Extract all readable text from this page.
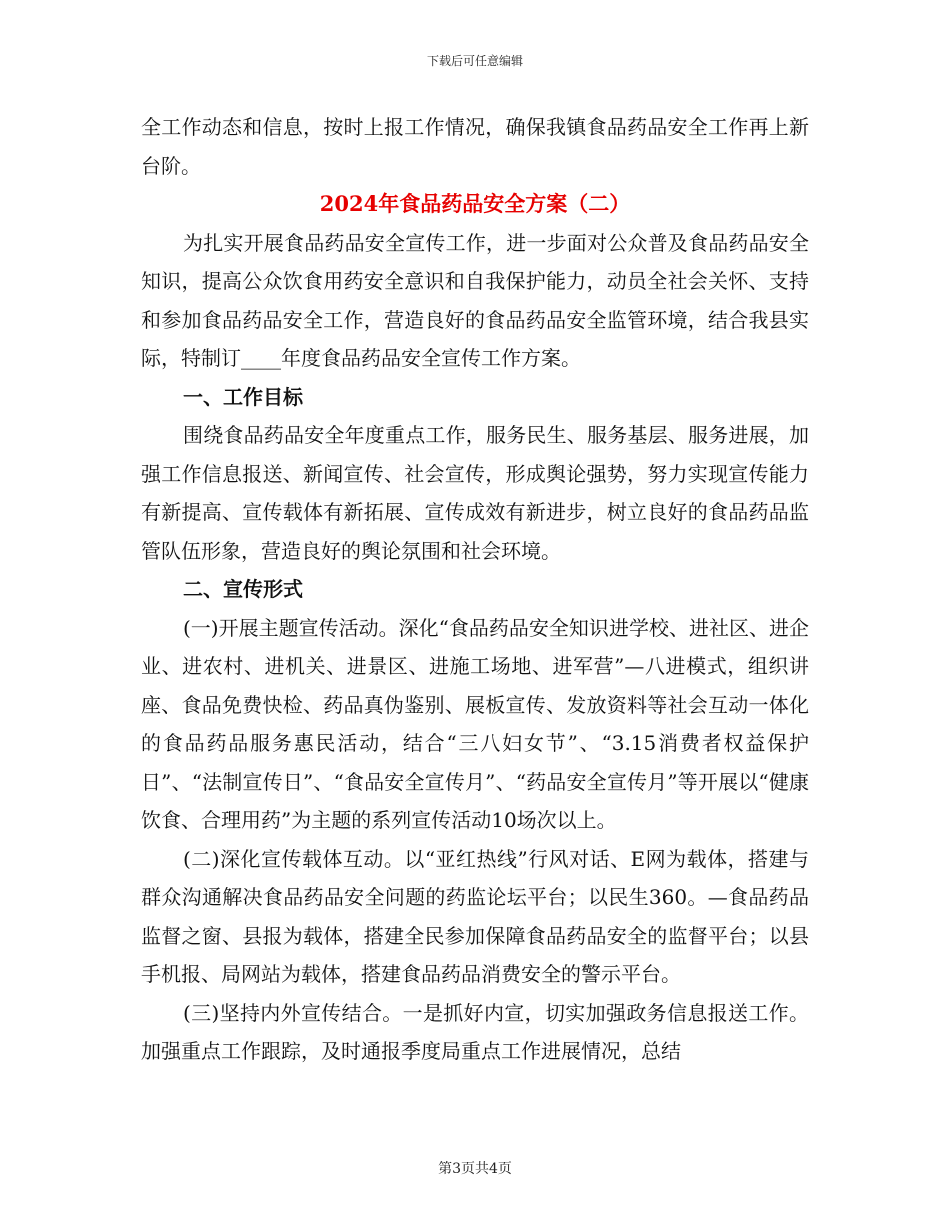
下载后可任意编辑

全工作动态和信息，按时上报工作情况，确保我镇食品药品安全工作再上新台阶。

2024年食品药品安全方案（二）

为扎实开展食品药品安全宣传工作，进一步面对公众普及食品药品安全知识，提高公众饮食用药安全意识和自我保护能力，动员全社会关怀、支持和参加食品药品安全工作，营造良好的食品药品安全监管环境，结合我县实际，特制订____年度食品药品安全宣传工作方案。

一、工作目标

围绕食品药品安全年度重点工作，服务民生、服务基层、服务进展，加强工作信息报送、新闻宣传、社会宣传，形成舆论强势，努力实现宣传能力有新提高、宣传载体有新拓展、宣传成效有新进步，树立良好的食品药品监管队伍形象，营造良好的舆论氛围和社会环境。

二、宣传形式

(一)开展主题宣传活动。深化“食品药品安全知识进学校、进社区、进企业、进农村、进机关、进景区、进施工场地、进军营”—八进模式，组织讲座、食品免费快检、药品真伪鉴别、展板宣传、发放资料等社会互动一体化的食品药品服务惠民活动，结合“三八妇女节”、“3.15消费者权益保护日”、“法制宣传日”、“食品安全宣传月”、“药品安全宣传月”等开展以“健康饮食、合理用药”为主题的系列宣传活动10场次以上。

(二)深化宣传载体互动。以“亚红热线”行风对话、E网为载体，搭建与群众沟通解决食品药品安全问题的药监论坛平台；以民生360。—食品药品监督之窗、县报为载体，搭建全民参加保障食品药品安全的监督平台；以县手机报、局网站为载体，搭建食品药品消费安全的警示平台。

(三)坚持内外宣传结合。一是抓好内宣，切实加强政务信息报送工作。加强重点工作跟踪，及时通报季度局重点工作进展情况，总结

第3页共4页
